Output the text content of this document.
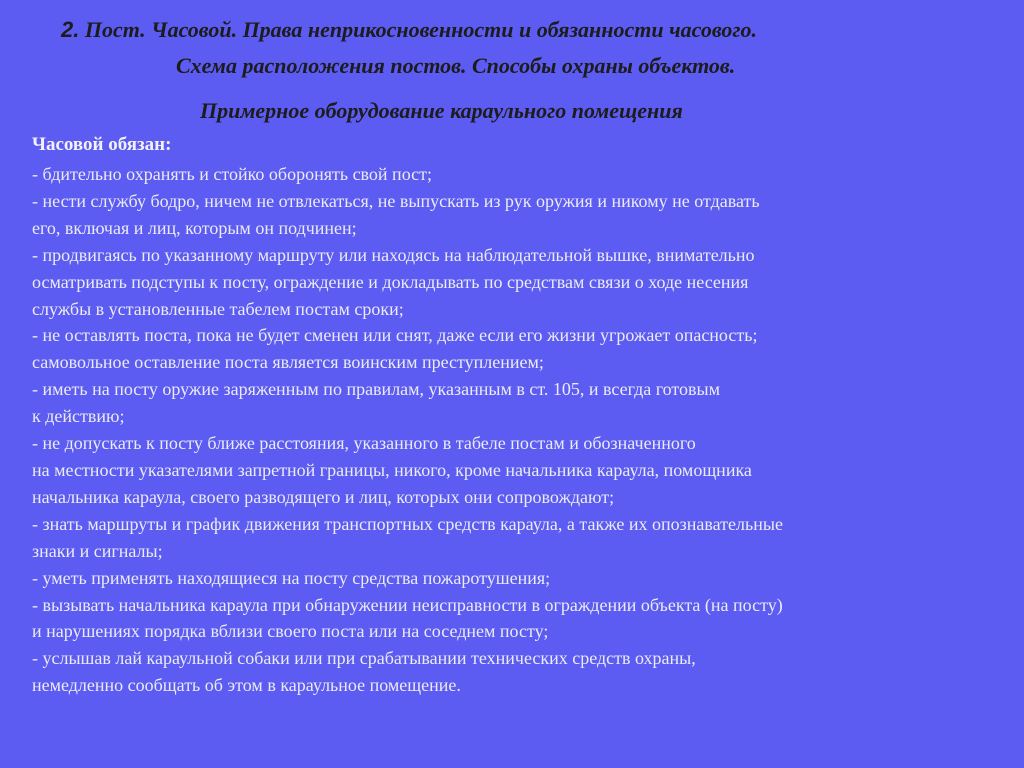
2. Пост. Часовой. Права неприкосновенности и обязанности часового.
Схема расположения постов. Способы охраны объектов.
Примерное оборудование караульного помещения
Часовой обязан:
- бдительно охранять и стойко оборонять свой пост;
- нести службу бодро, ничем не отвлекаться, не выпускать из рук оружия и никому не отдавать
его, включая и лиц, которым он подчинен;
- продвигаясь по указанному маршруту или находясь на наблюдательной вышке, внимательно
осматривать подступы к посту, ограждение и докладывать по средствам связи о ходе несения
службы в установленные табелем постам сроки;
- не оставлять поста, пока не будет сменен или снят, даже если его жизни угрожает опасность;
самовольное оставление поста является воинским преступлением;
- иметь на посту оружие заряженным по правилам, указанным в ст. 105, и всегда готовым
к действию;
- не допускать к посту ближе расстояния, указанного в табеле постам и обозначенного
на местности указателями запретной границы, никого, кроме начальника караула, помощника
начальника караула, своего разводящего и лиц, которых они сопровождают;
- знать маршруты и график движения транспортных средств караула, а также их опознавательные
знаки и сигналы;
- уметь применять находящиеся на посту средства пожаротушения;
- вызывать начальника караула при обнаружении неисправности в ограждении объекта (на посту)
и нарушениях порядка вблизи своего поста или на соседнем посту;
- услышав лай караульной собаки или при срабатывании технических средств охраны,
немедленно сообщать об этом в караульное помещение.
